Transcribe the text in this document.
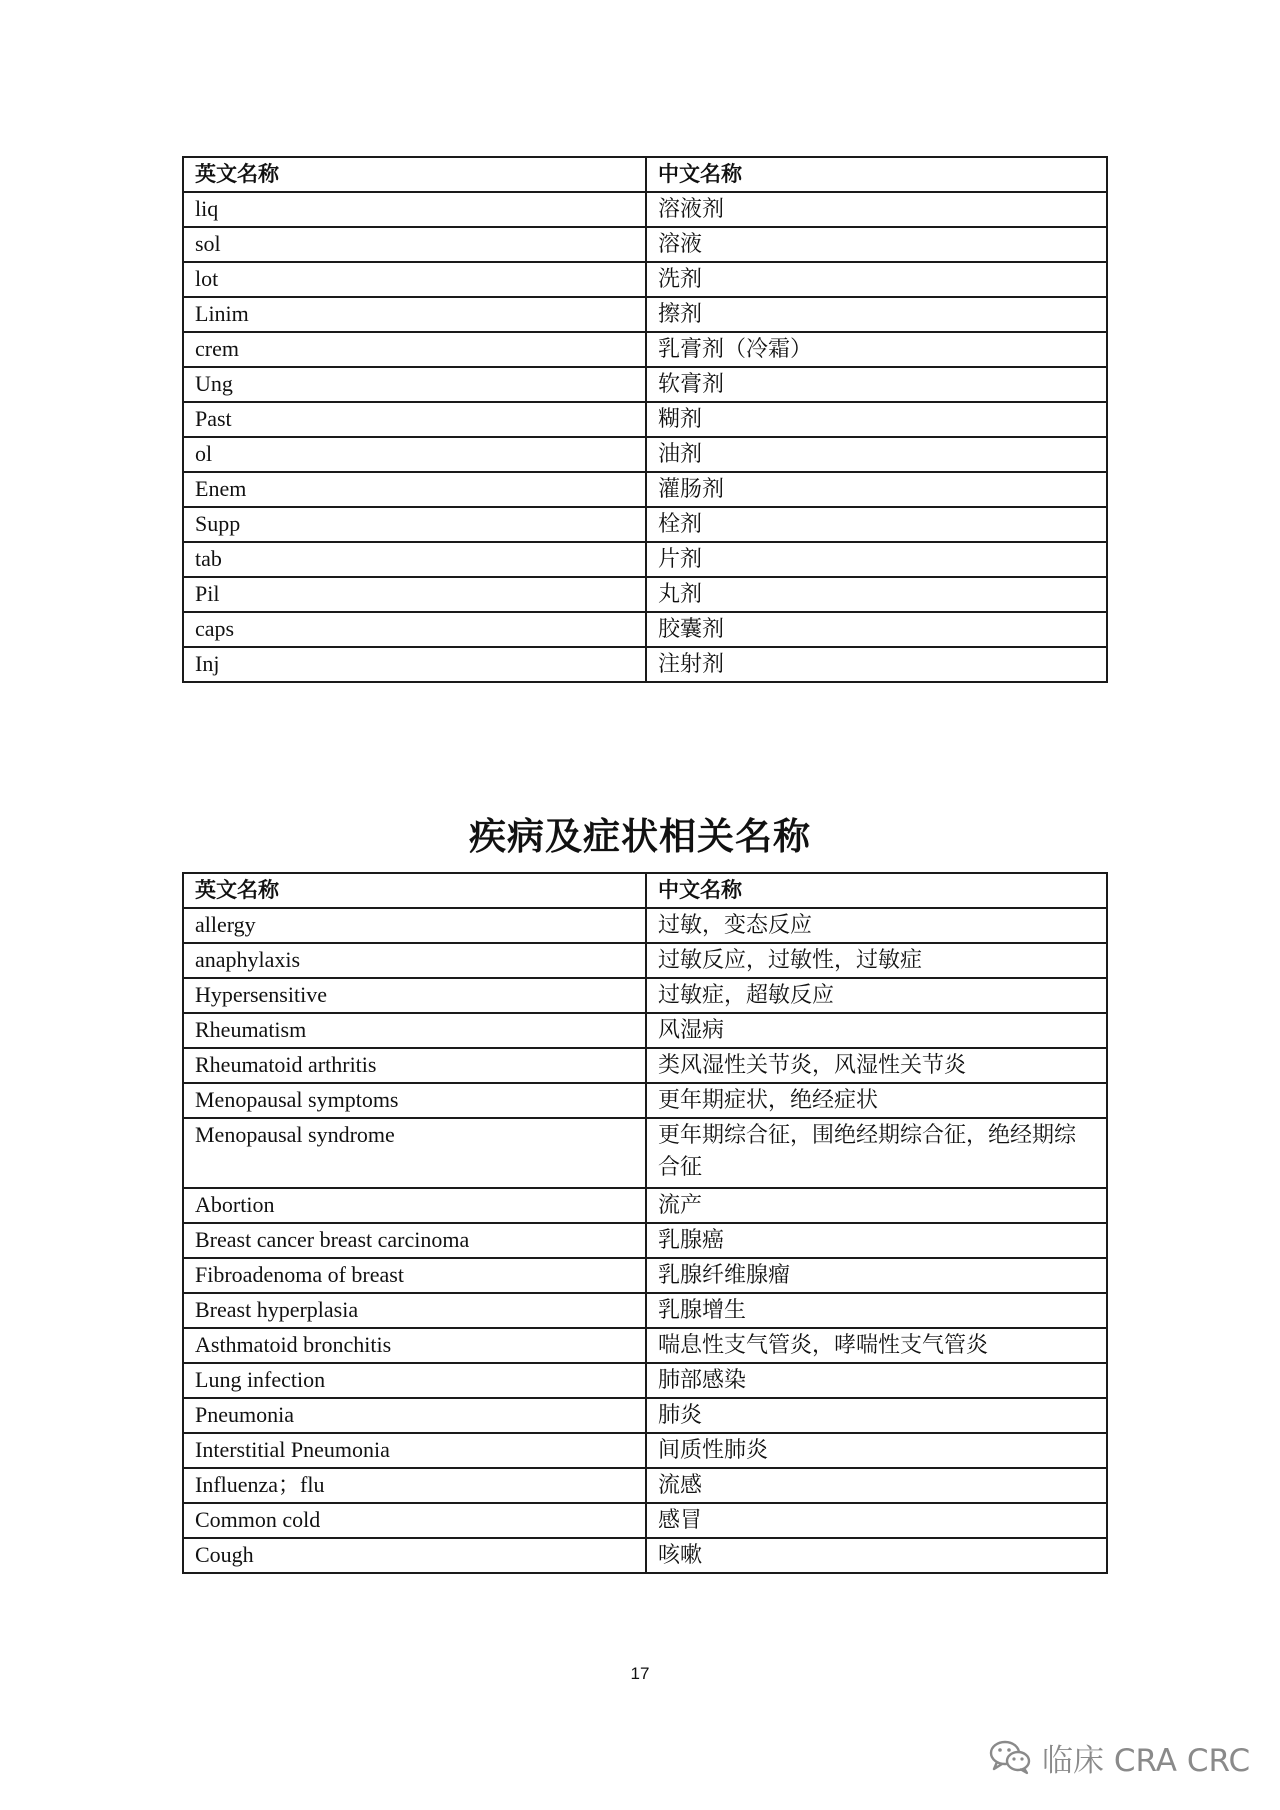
英文名称	中文名称
liq	溶液剂
sol	溶液
lot	洗剂
Linim	擦剂
crem	乳膏剂（冷霜）
Ung	软膏剂
Past	糊剂
ol	油剂
Enem	灌肠剂
Supp	栓剂
tab	片剂
Pil	丸剂
caps	胶囊剂
Inj	注射剂
疾病及症状相关名称
英文名称	中文名称
allergy	过敏，变态反应
anaphylaxis	过敏反应，过敏性，过敏症
Hypersensitive	过敏症，超敏反应
Rheumatism	风湿病
Rheumatoid arthritis	类风湿性关节炎，风湿性关节炎
Menopausal symptoms	更年期症状，绝经症状
Menopausal syndrome	更年期综合征，围绝经期综合征，绝经期综合征
Abortion	流产
Breast cancer breast carcinoma	乳腺癌
Fibroadenoma of breast	乳腺纤维腺瘤
Breast hyperplasia	乳腺增生
Asthmatoid bronchitis	喘息性支气管炎，哮喘性支气管炎
Lung infection	肺部感染
Pneumonia	肺炎
Interstitial Pneumonia	间质性肺炎
Influenza；flu	流感
Common cold	感冒
Cough	咳嗽
17
临床 CRA CRC
